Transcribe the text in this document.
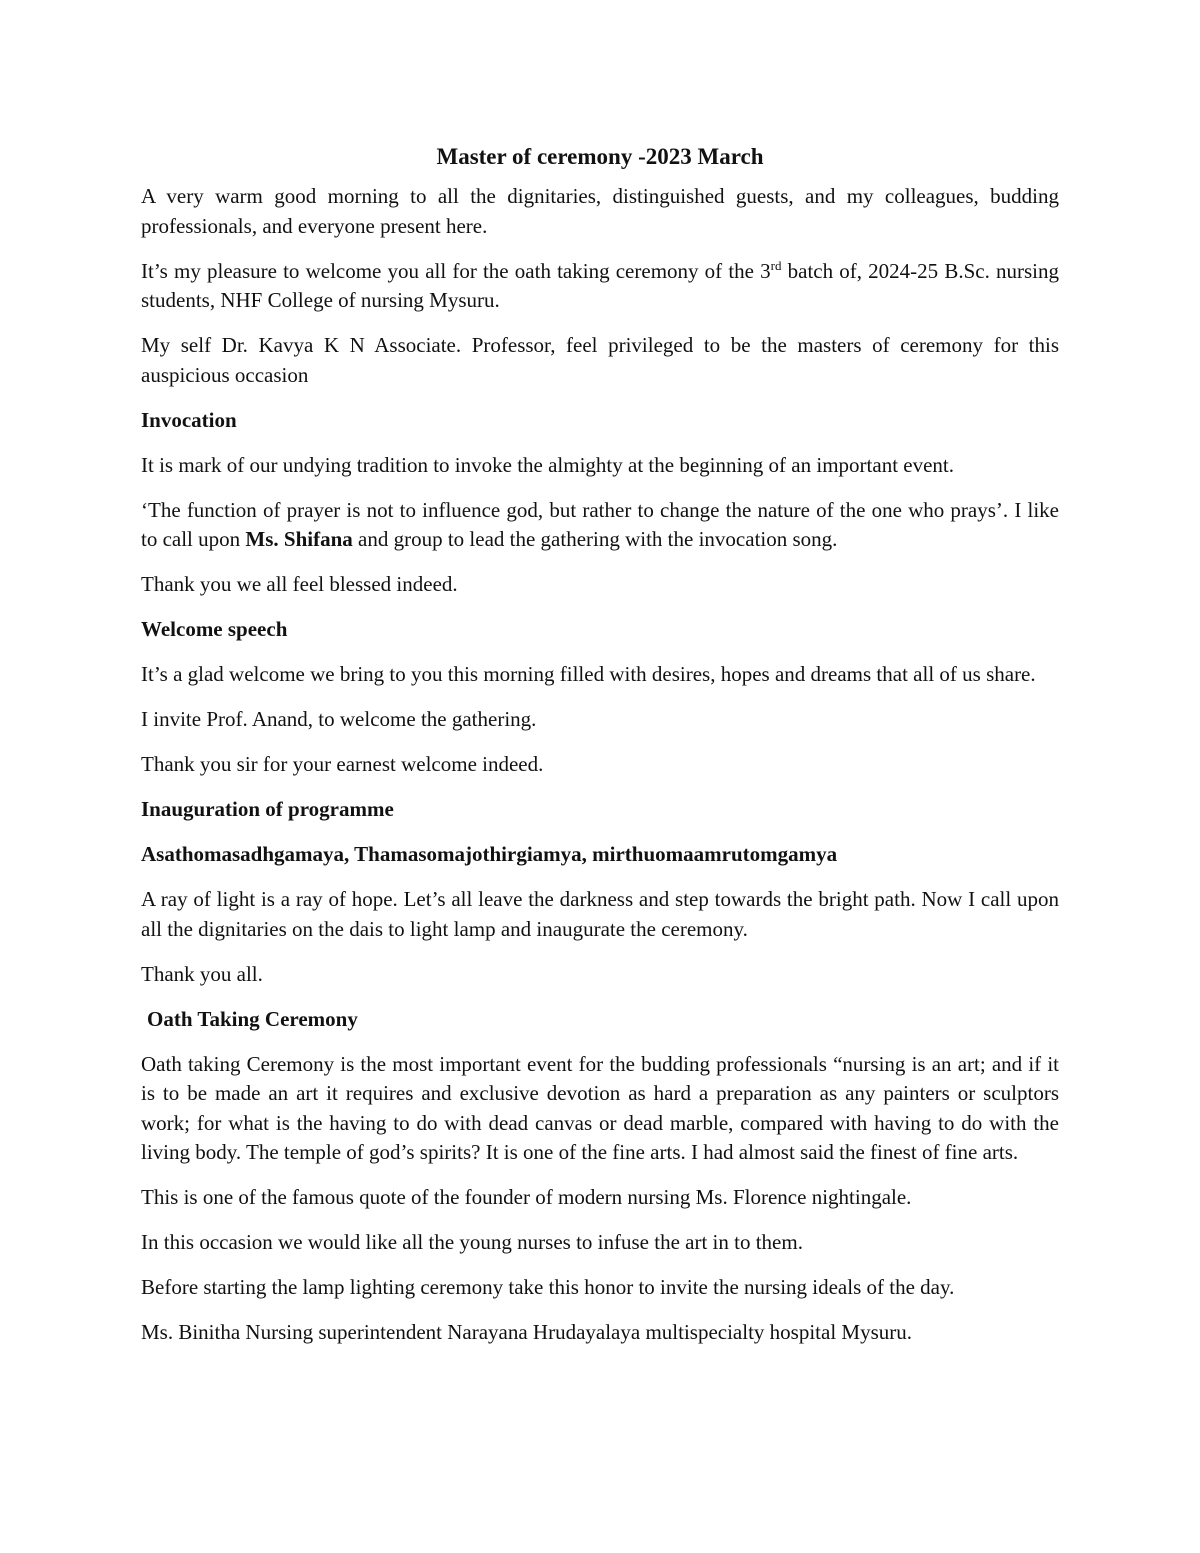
Master of ceremony -2023 March

A very warm good morning to all the dignitaries, distinguished guests, and my colleagues, budding professionals, and everyone present here.

It’s my pleasure to welcome you all for the oath taking ceremony of the 3rd batch of, 2024-25 B.Sc. nursing students, NHF College of nursing Mysuru.

My self Dr. Kavya K N Associate. Professor, feel privileged to be the masters of ceremony for this auspicious occasion

Invocation

It is mark of our undying tradition to invoke the almighty at the beginning of an important event.

‘The function of prayer is not to influence god, but rather to change the nature of the one who prays’. I like to call upon Ms. Shifana and group to lead the gathering with the invocation song.

Thank you we all feel blessed indeed.

Welcome speech

It’s a glad welcome we bring to you this morning filled with desires, hopes and dreams that all of us share.

I invite Prof. Anand, to welcome the gathering.

Thank you sir for your earnest welcome indeed.

Inauguration of programme

Asathomasadhgamaya, Thamasomajothirgiamya, mirthuomaamrutomgamya

A ray of light is a ray of hope. Let’s all leave the darkness and step towards the bright path. Now I call upon all the dignitaries on the dais to light lamp and inaugurate the ceremony.

Thank you all.

Oath Taking Ceremony

Oath taking Ceremony is the most important event for the budding professionals “nursing is an art; and if it is to be made an art it requires and exclusive devotion as hard a preparation as any painters or sculptors work; for what is the having to do with dead canvas or dead marble, compared with having to do with the living body. The temple of god’s spirits? It is one of the fine arts. I had almost said the finest of fine arts.

This is one of the famous quote of the founder of modern nursing Ms. Florence nightingale.

In this occasion we would like all the young nurses to infuse the art in to them.

Before starting the lamp lighting ceremony take this honor to invite the nursing ideals of the day.

Ms. Binitha Nursing superintendent Narayana Hrudayalaya multispecialty hospital Mysuru.
